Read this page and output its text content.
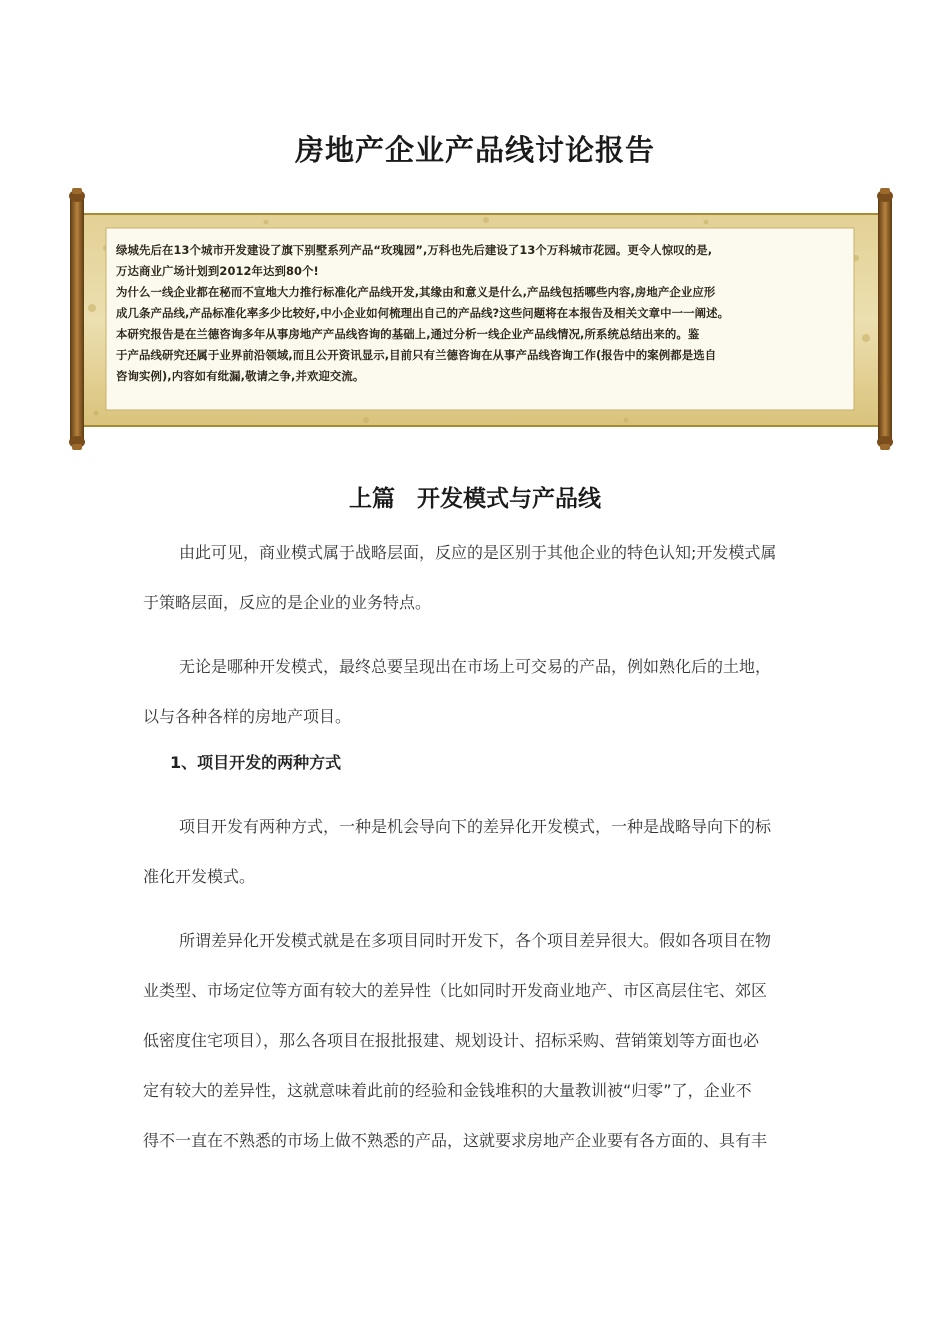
房地产企业产品线讨论报告

绿城先后在13个城市开发建设了旗下别墅系列产品“玫瑰园”,万科也先后建设了13个万科城市花园。更令人惊叹的是,

万达商业广场计划到2012年达到80个!

为什么一线企业都在秘而不宣地大力推行标准化产品线开发,其缘由和意义是什么,产品线包括哪些内容,房地产企业应形

成几条产品线,产品标准化率多少比较好,中小企业如何梳理出自己的产品线?这些问题将在本报告及相关文章中一一阐述。

本研究报告是在兰德咨询多年从事房地产产品线咨询的基础上,通过分析一线企业产品线情况,所系统总结出来的。鉴

于产品线研究还属于业界前沿领域,而且公开资讯显示,目前只有兰德咨询在从事产品线咨询工作(报告中的案例都是选自

咨询实例),内容如有纰漏,敬请之争,并欢迎交流。

上篇 开发模式与产品线
由此可见，商业模式属于战略层面，反应的是区别于其他企业的特色认知;开发模式属
于策略层面，反应的是企业的业务特点。
无论是哪种开发模式，最终总要呈现出在市场上可交易的产品，例如熟化后的土地，
以与各种各样的房地产项目。
1、项目开发的两种方式
项目开发有两种方式，一种是机会导向下的差异化开发模式，一种是战略导向下的标
准化开发模式。
所谓差异化开发模式就是在多项目同时开发下，各个项目差异很大。假如各项目在物
业类型、市场定位等方面有较大的差异性（比如同时开发商业地产、市区高层住宅、郊区
低密度住宅项目），那么各项目在报批报建、规划设计、招标采购、营销策划等方面也必
定有较大的差异性，这就意味着此前的经验和金钱堆积的大量教训被“归零”了，企业不
得不一直在不熟悉的市场上做不熟悉的产品，这就要求房地产企业要有各方面的、具有丰
